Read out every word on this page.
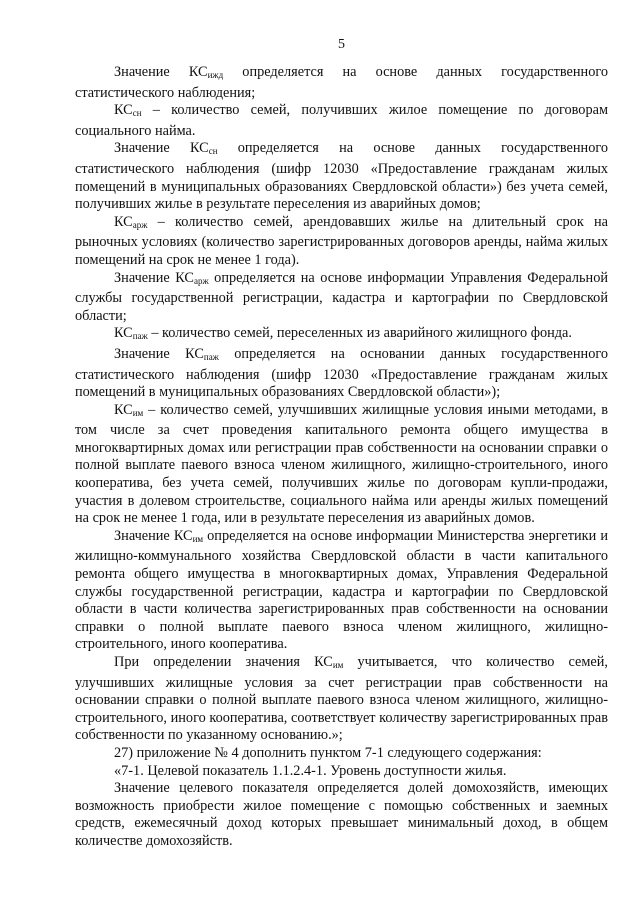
5

Значение $КС_{ижд}$ определяется на основе данных государственного статистического наблюдения;

$КС_{сн}$ – количество семей, получивших жилое помещение по договорам социального найма.

Значение $КС_{сн}$ определяется на основе данных государственного статистического наблюдения (шифр 12030 «Предоставление гражданам жилых помещений в муниципальных образованиях Свердловской области») без учета семей, получивших жилье в результате переселения из аварийных домов;

$КС_{арж}$ – количество семей, арендовавших жилье на длительный срок на рыночных условиях (количество зарегистрированных договоров аренды, найма жилых помещений на срок не менее 1 года).

Значение $КС_{арж}$ определяется на основе информации Управления Федеральной службы государственной регистрации, кадастра и картографии по Свердловской области;

$КС_{паж}$ – количество семей, переселенных из аварийного жилищного фонда.

Значение $КС_{паж}$ определяется на основании данных государственного статистического наблюдения (шифр 12030 «Предоставление гражданам жилых помещений в муниципальных образованиях Свердловской области»);

$КС_{им}$ – количество семей, улучшивших жилищные условия иными методами, в том числе за счет проведения капитального ремонта общего имущества в многоквартирных домах или регистрации прав собственности на основании справки о полной выплате паевого взноса членом жилищного, жилищно-строительного, иного кооператива, без учета семей, получивших жилье по договорам купли-продажи, участия в долевом строительстве, социального найма или аренды жилых помещений на срок не менее 1 года, или в результате переселения из аварийных домов.

Значение $КС_{им}$ определяется на основе информации Министерства энергетики и жилищно-коммунального хозяйства Свердловской области в части капитального ремонта общего имущества в многоквартирных домах, Управления Федеральной службы государственной регистрации, кадастра и картографии по Свердловской области в части количества зарегистрированных прав собственности на основании справки о полной выплате паевого взноса членом жилищного, жилищно-строительного, иного кооператива.

При определении значения $КС_{им}$ учитывается, что количество семей, улучшивших жилищные условия за счет регистрации прав собственности на основании справки о полной выплате паевого взноса членом жилищного, жилищно-строительного, иного кооператива, соответствует количеству зарегистрированных прав собственности по указанному основанию.»;

27) приложение № 4 дополнить пунктом 7-1 следующего содержания:

«7-1. Целевой показатель 1.1.2.4-1. Уровень доступности жилья.

Значение целевого показателя определяется долей домохозяйств, имеющих возможность приобрести жилое помещение с помощью собственных и заемных средств, ежемесячный доход которых превышает минимальный доход, в общем количестве домохозяйств.
